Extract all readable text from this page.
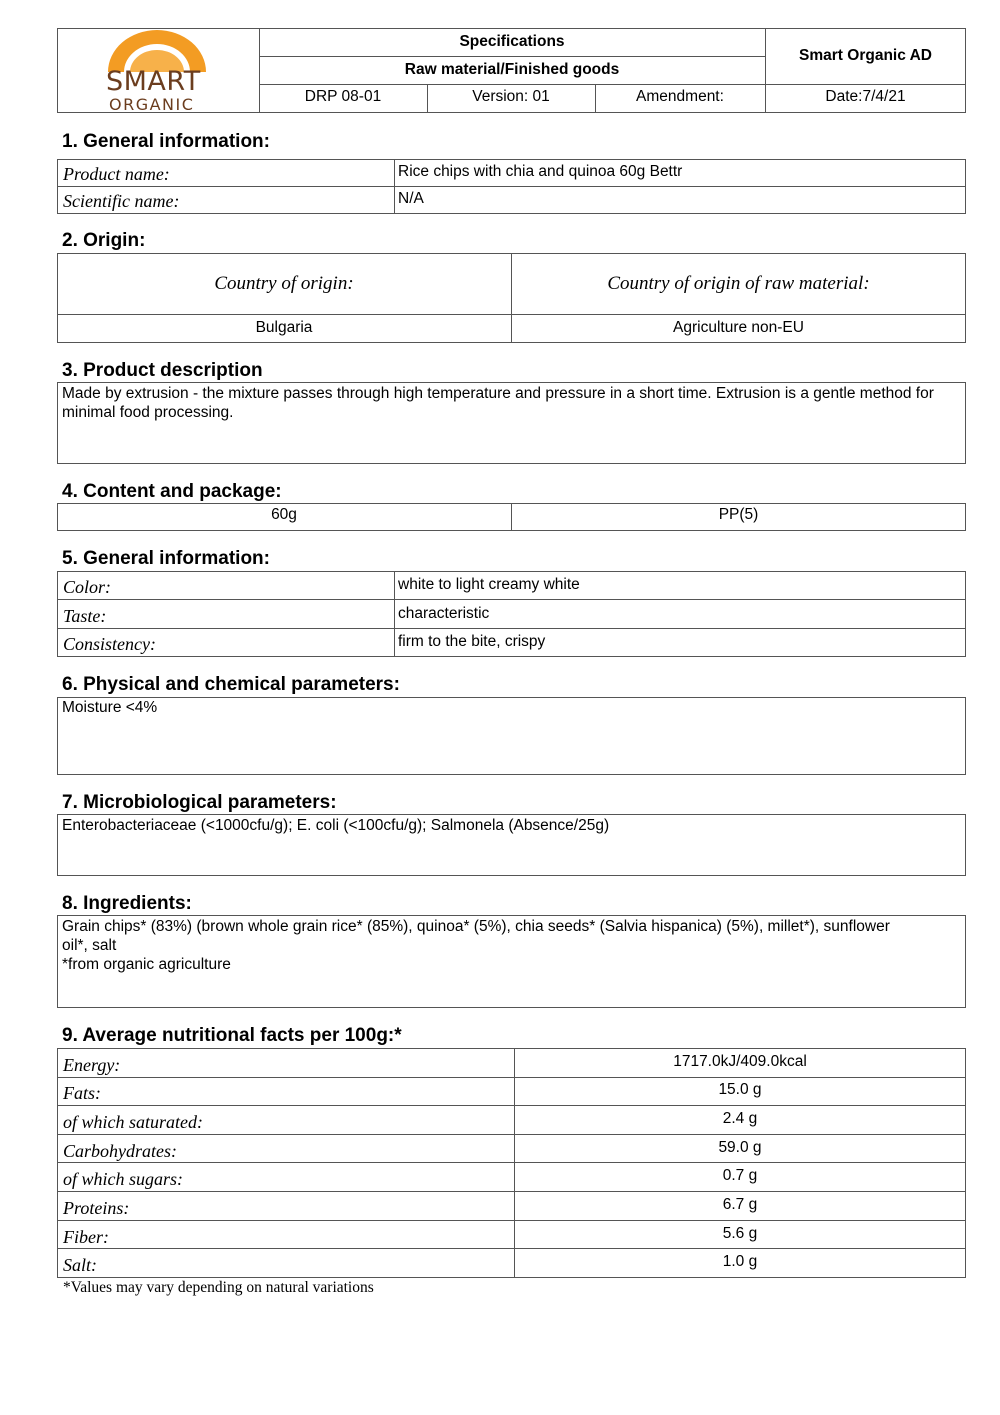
SMART
ORGANIC
Specifications
Raw material/Finished goods
Smart Organic AD
DRP 08-01	Version: 01	Amendment:	Date:7/4/21
1. General information:
Product name:	Rice chips with chia and quinoa 60g Bettr
Scientific name:	N/A
2. Origin:
Country of origin:	Country of origin of raw material:
Bulgaria	Agriculture non-EU
3. Product description
Made by extrusion - the mixture passes through high temperature and pressure in a short time. Extrusion is a gentle method for minimal food processing.
4. Content and package:
60g	PP(5)
5. General information:
Color:	white to light creamy white
Taste:	characteristic
Consistency:	firm to the bite, crispy
6. Physical and chemical parameters:
Moisture <4%
7. Microbiological parameters:
Enterobacteriaceae (<1000cfu/g); E. coli (<100cfu/g); Salmonela (Absence/25g)
8. Ingredients:
Grain chips* (83%) (brown whole grain rice* (85%), quinoa* (5%), chia seeds* (Salvia hispanica) (5%), millet*), sunflower
oil*, salt
*from organic agriculture
9. Average nutritional facts per 100g:*
Energy:	1717.0kJ/409.0kcal
Fats:	15.0 g
of which saturated:	2.4 g
Carbohydrates:	59.0 g
of which sugars:	0.7 g
Proteins:	6.7 g
Fiber:	5.6 g
Salt:	1.0 g
*Values may vary depending on natural variations
